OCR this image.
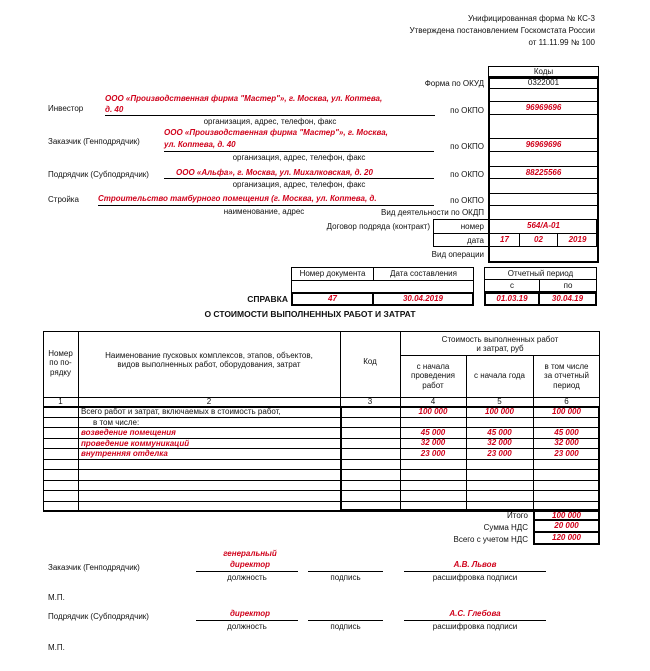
Унифицированная форма № КС-3
Утверждена постановлением Госкомстата России
от 11.11.99 № 100
Коды
Форма по ОКУД	0322001
Инвестор
ООО «Производственная фирма "Мастер"», г. Москва, ул. Коптева,
д. 40
организация, адрес, телефон, факс
по ОКПО	96969696
Заказчик (Генподрядчик)
ООО «Производственная фирма "Мастер"», г. Москва,
ул. Коптева, д. 40
организация, адрес, телефон, факс
по ОКПО	96969696
Подрядчик (Субподрядчик)	ООО «Альфа», г. Москва, ул. Михалковская, д. 20
организация, адрес, телефон, факс
по ОКПО	88225566
Стройка Строительство тамбурного помещения (г. Москва, ул. Коптева, д.
наименование, адрес
по ОКПО
Вид деятельности по ОКДП
Договор подряда (контракт)	номер	564/А-01
дата	17	02	2019
Вид операции
Номер документа	Дата составления
47	30.04.2019
Отчетный период
с	по
01.03.19	30.04.19
СПРАВКА
О СТОИМОСТИ ВЫПОЛНЕННЫХ РАБОТ И ЗАТРАТ
Номер
по по-
рядку
Наименование пусковых комплексов, этапов, объектов,
видов выполненных работ, оборудования, затрат	Код
Стоимость выполненных работ
и затрат, руб
с начала
проведения
работ
с начала года
в том числе
за отчетный
период
1	2	3	4	5	6
Всего работ и затрат, включаемых в стоимость работ,	100 000	100 000	100 000
в том числе:
возведение помещения	45 000	45 000	45 000
проведение коммуникаций	32 000	32 000	32 000
внутренняя отделка	23 000	23 000	23 000
Итого	100 000
Сумма НДС	20 000
Всего с учетом НДС	120 000
Заказчик (Генподрядчик)
генеральный
директор	А.В. Львов
должность	подпись	расшифровка подписи
М.П.
Подрядчик (Субподрядчик)	директор	А.С. Глебова
должность	подпись	расшифровка подписи
М.П.
